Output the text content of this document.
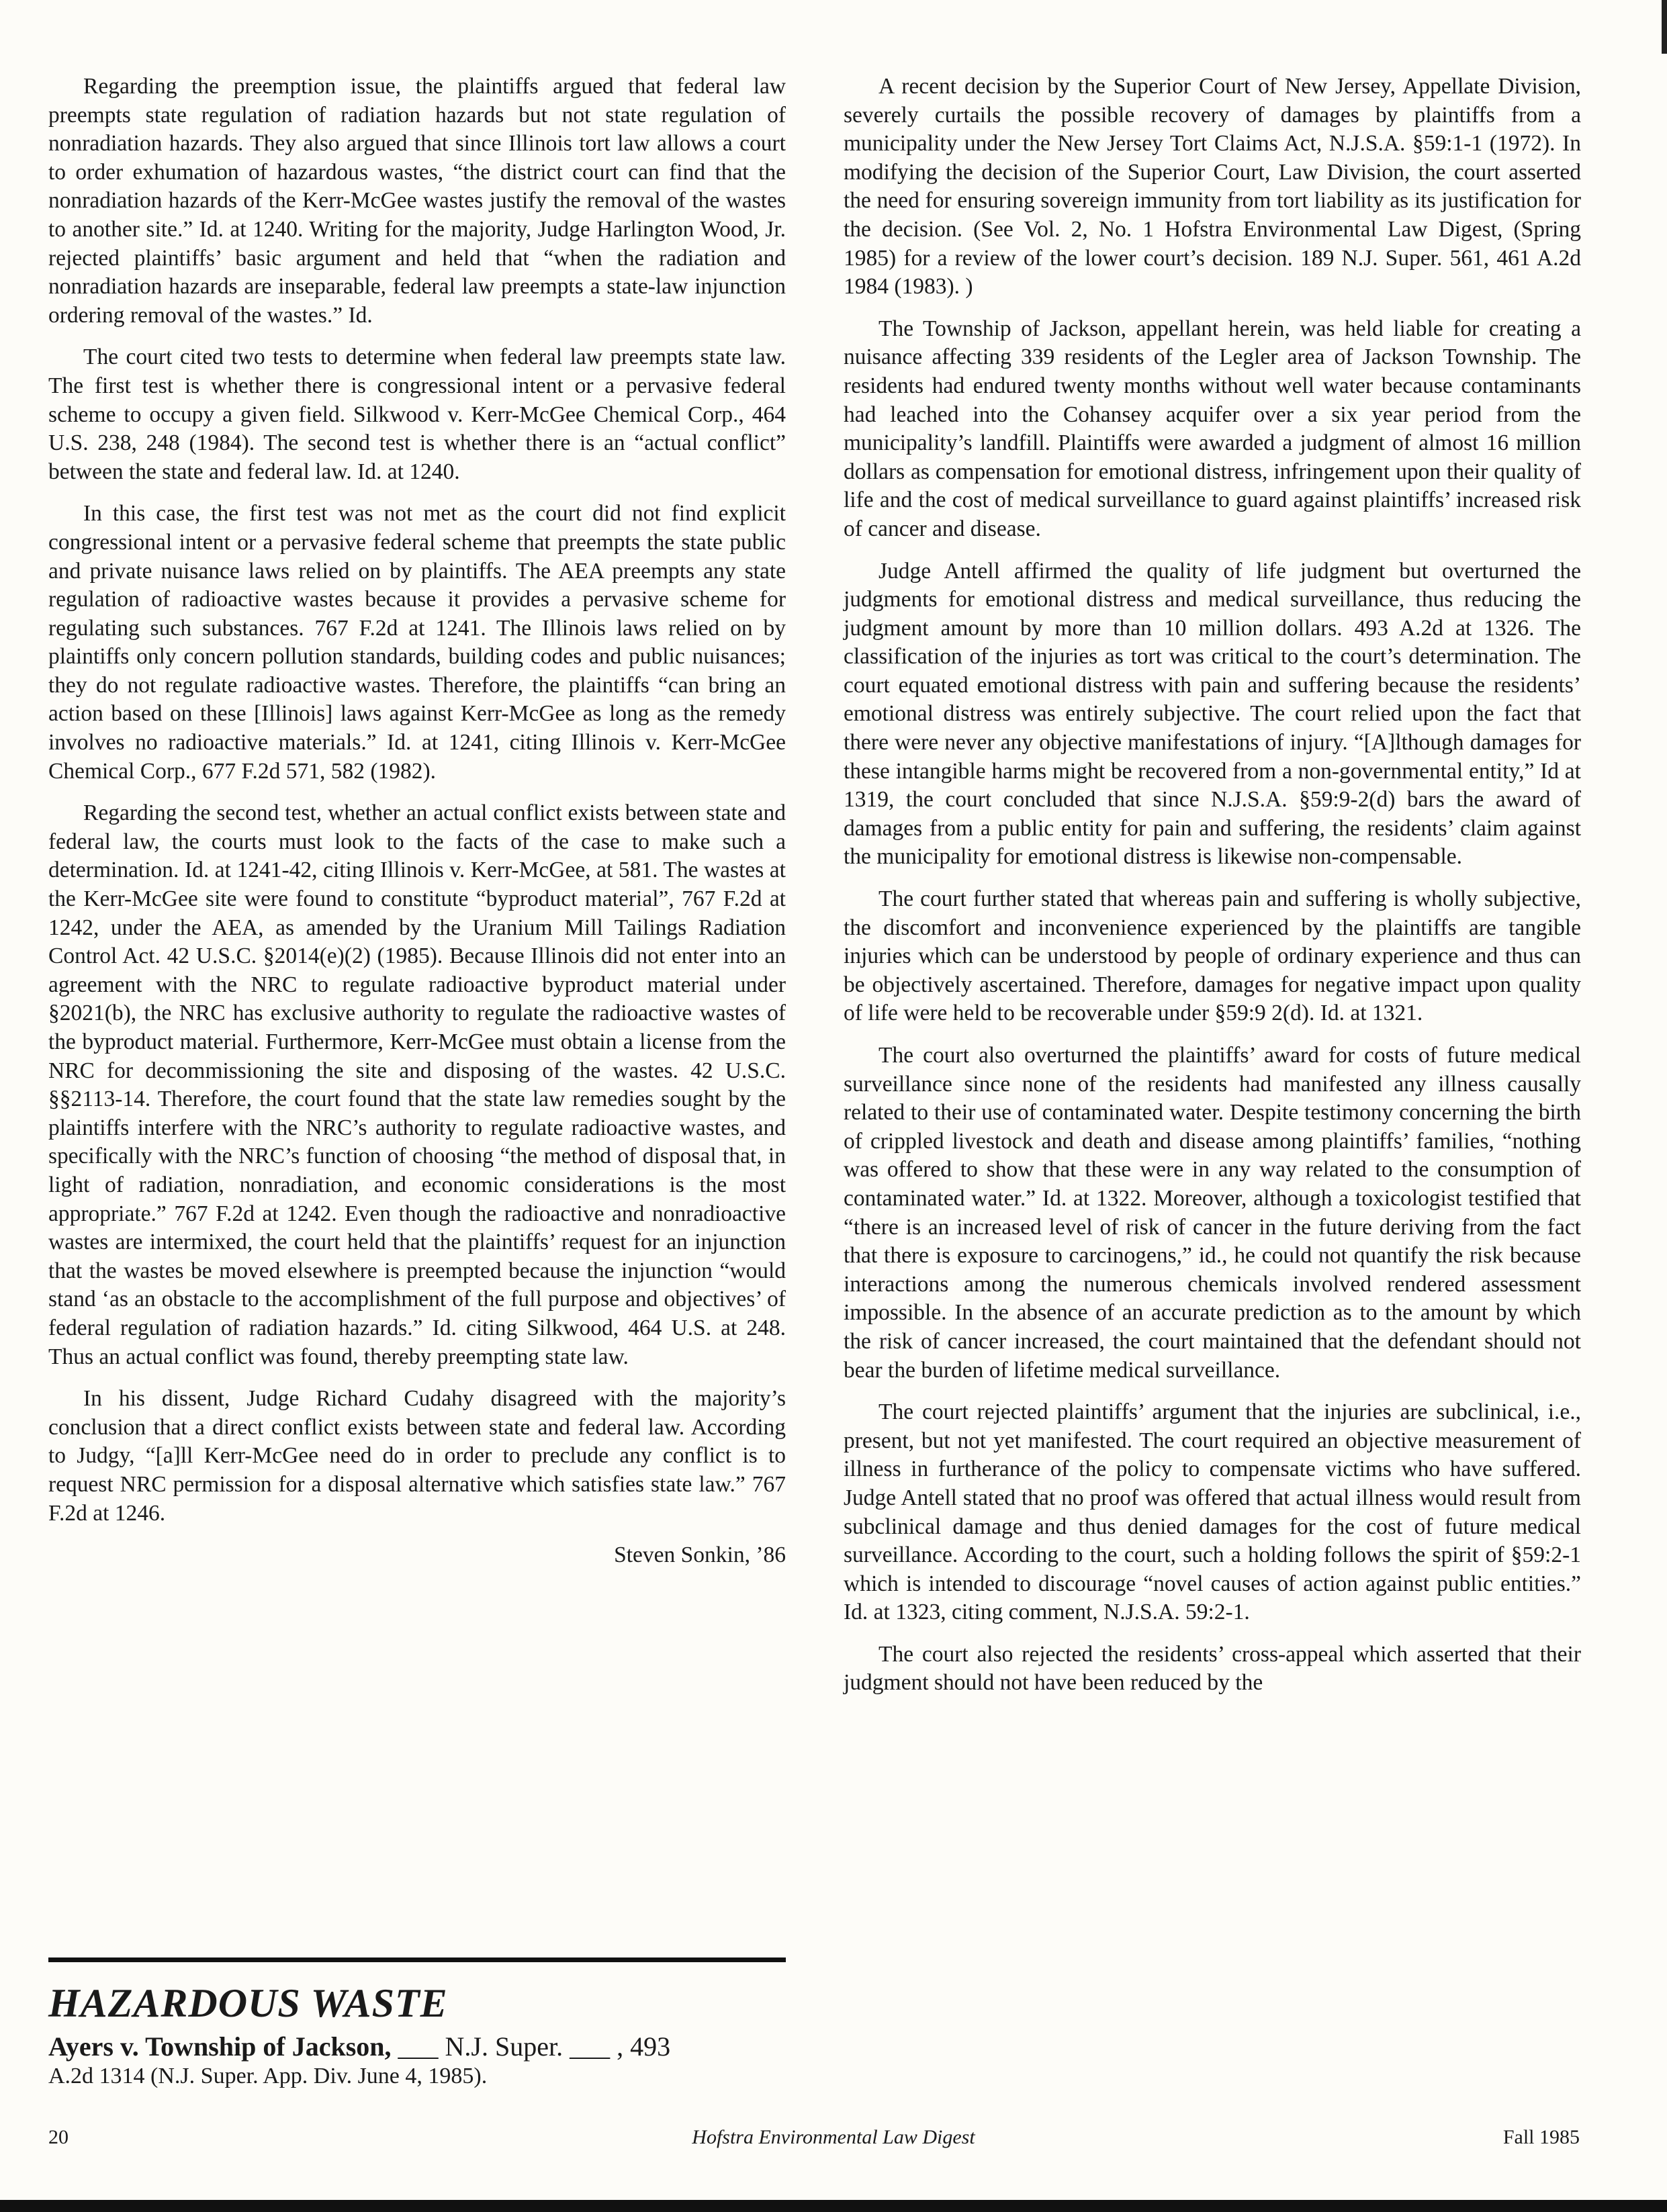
Regarding the preemption issue, the plaintiffs argued that federal law preempts state regulation of radiation hazards but not state regulation of nonradiation hazards. They also argued that since Illinois tort law allows a court to order exhumation of hazardous wastes, “the district court can find that the nonradiation hazards of the Kerr-McGee wastes justify the removal of the wastes to another site.” Id. at 1240. Writing for the majority, Judge Harlington Wood, Jr. rejected plaintiffs’ basic argument and held that “when the radiation and nonradiation hazards are inseparable, federal law preempts a state-law injunction ordering removal of the wastes.” Id.

The court cited two tests to determine when federal law preempts state law. The first test is whether there is congressional intent or a pervasive federal scheme to occupy a given field. Silkwood v. Kerr-McGee Chemical Corp., 464 U.S. 238, 248 (1984). The second test is whether there is an “actual conflict” between the state and federal law. Id. at 1240.

In this case, the first test was not met as the court did not find explicit congressional intent or a pervasive federal scheme that preempts the state public and private nuisance laws relied on by plaintiffs. The AEA preempts any state regulation of radioactive wastes because it provides a pervasive scheme for regulating such substances. 767 F.2d at 1241. The Illinois laws relied on by plaintiffs only concern pollution standards, building codes and public nuisances; they do not regulate radioactive wastes. Therefore, the plaintiffs “can bring an action based on these [Illinois] laws against Kerr-McGee as long as the remedy involves no radioactive materials.” Id. at 1241, citing Illinois v. Kerr-McGee Chemical Corp., 677 F.2d 571, 582 (1982).

Regarding the second test, whether an actual conflict exists between state and federal law, the courts must look to the facts of the case to make such a determination. Id. at 1241-42, citing Illinois v. Kerr-McGee, at 581. The wastes at the Kerr-McGee site were found to constitute “byproduct material”, 767 F.2d at 1242, under the AEA, as amended by the Uranium Mill Tailings Radiation Control Act. 42 U.S.C. §2014(e)(2) (1985). Because Illinois did not enter into an agreement with the NRC to regulate radioactive byproduct material under §2021(b), the NRC has exclusive authority to regulate the radioactive wastes of the byproduct material. Furthermore, Kerr-McGee must obtain a license from the NRC for decommissioning the site and disposing of the wastes. 42 U.S.C. §§2113-14. Therefore, the court found that the state law remedies sought by the plaintiffs interfere with the NRC’s authority to regulate radioactive wastes, and specifically with the NRC’s function of choosing “the method of disposal that, in light of radiation, nonradiation, and economic considerations is the most appropriate.” 767 F.2d at 1242. Even though the radioactive and nonradioactive wastes are intermixed, the court held that the plaintiffs’ request for an injunction that the wastes be moved elsewhere is preempted because the injunction “would stand ‘as an obstacle to the accomplishment of the full purpose and objectives’ of federal regulation of radiation hazards.” Id. citing Silkwood, 464 U.S. at 248. Thus an actual conflict was found, thereby preempting state law.

In his dissent, Judge Richard Cudahy disagreed with the majority’s conclusion that a direct conflict exists between state and federal law. According to Judgy, “[a]ll Kerr-McGee need do in order to preclude any conflict is to request NRC permission for a disposal alternative which satisfies state law.” 767 F.2d at 1246.

Steven Sonkin, ’86

HAZARDOUS WASTE
Ayers v. Township of Jackson, ___ N.J. Super. ___ , 493
A.2d 1314 (N.J. Super. App. Div. June 4, 1985).

A recent decision by the Superior Court of New Jersey, Appellate Division, severely curtails the possible recovery of damages by plaintiffs from a municipality under the New Jersey Tort Claims Act, N.J.S.A. §59:1-1 (1972). In modifying the decision of the Superior Court, Law Division, the court asserted the need for ensuring sovereign immunity from tort liability as its justification for the decision. (See Vol. 2, No. 1 Hofstra Environmental Law Digest, (Spring 1985) for a review of the lower court’s decision. 189 N.J. Super. 561, 461 A.2d 1984 (1983). )

The Township of Jackson, appellant herein, was held liable for creating a nuisance affecting 339 residents of the Legler area of Jackson Township. The residents had endured twenty months without well water because contaminants had leached into the Cohansey acquifer over a six year period from the municipality’s landfill. Plaintiffs were awarded a judgment of almost 16 million dollars as compensation for emotional distress, infringement upon their quality of life and the cost of medical surveillance to guard against plaintiffs’ increased risk of cancer and disease.

Judge Antell affirmed the quality of life judgment but overturned the judgments for emotional distress and medical surveillance, thus reducing the judgment amount by more than 10 million dollars. 493 A.2d at 1326. The classification of the injuries as tort was critical to the court’s determination. The court equated emotional distress with pain and suffering because the residents’ emotional distress was entirely subjective. The court relied upon the fact that there were never any objective manifestations of injury. “[A]lthough damages for these intangible harms might be recovered from a non-governmental entity,” Id at 1319, the court concluded that since N.J.S.A. §59:9-2(d) bars the award of damages from a public entity for pain and suffering, the residents’ claim against the municipality for emotional distress is likewise non-compensable.

The court further stated that whereas pain and suffering is wholly subjective, the discomfort and inconvenience experienced by the plaintiffs are tangible injuries which can be understood by people of ordinary experience and thus can be objectively ascertained. Therefore, damages for negative impact upon quality of life were held to be recoverable under §59:9 2(d). Id. at 1321.

The court also overturned the plaintiffs’ award for costs of future medical surveillance since none of the residents had manifested any illness causally related to their use of contaminated water. Despite testimony concerning the birth of crippled livestock and death and disease among plaintiffs’ families, “nothing was offered to show that these were in any way related to the consumption of contaminated water.” Id. at 1322. Moreover, although a toxicologist testified that “there is an increased level of risk of cancer in the future deriving from the fact that there is exposure to carcinogens,” id., he could not quantify the risk because interactions among the numerous chemicals involved rendered assessment impossible. In the absence of an accurate prediction as to the amount by which the risk of cancer increased, the court maintained that the defendant should not bear the burden of lifetime medical surveillance.

The court rejected plaintiffs’ argument that the injuries are subclinical, i.e., present, but not yet manifested. The court required an objective measurement of illness in furtherance of the policy to compensate victims who have suffered. Judge Antell stated that no proof was offered that actual illness would result from subclinical damage and thus denied damages for the cost of future medical surveillance. According to the court, such a holding follows the spirit of §59:2-1 which is intended to discourage “novel causes of action against public entities.” Id. at 1323, citing comment, N.J.S.A. 59:2-1.

The court also rejected the residents’ cross-appeal which asserted that their judgment should not have been reduced by the

20	Hofstra Environmental Law Digest	Fall 1985
